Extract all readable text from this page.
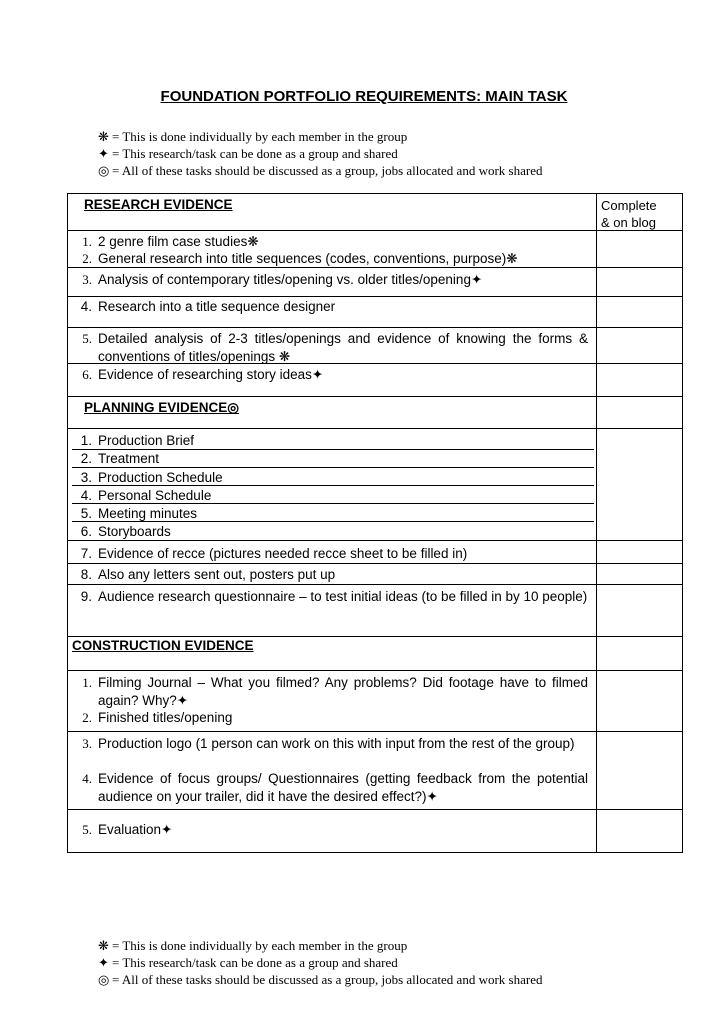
FOUNDATION PORTFOLIO REQUIREMENTS: MAIN TASK
❋ = This is done individually by each member in the group
✦ = This research/task can be done as a group and shared
◎ = All of these tasks should be discussed as a group, jobs allocated and work shared
Complete
& on blog
RESEARCH EVIDENCE
1. 2 genre film case studies❋
2. General research into title sequences (codes, conventions, purpose)❋
3. Analysis of contemporary titles/opening vs. older titles/opening✦
4. Research into a title sequence designer
5. Detailed analysis of 2-3 titles/openings and evidence of knowing the forms & conventions of titles/openings ❋
6. Evidence of researching story ideas✦
PLANNING EVIDENCE◎
1. Production Brief
2. Treatment
3. Production Schedule
4. Personal Schedule
5. Meeting minutes
6. Storyboards
7. Evidence of recce (pictures needed recce sheet to be filled in)
8. Also any letters sent out, posters put up
9. Audience research questionnaire – to test initial ideas (to be filled in by 10 people)
CONSTRUCTION EVIDENCE
1. Filming Journal – What you filmed? Any problems? Did footage have to filmed again? Why?✦
2. Finished titles/opening
3. Production logo (1 person can work on this with input from the rest of the group)
4. Evidence of focus groups/ Questionnaires (getting feedback from the potential audience on your trailer, did it have the desired effect?)✦
5. Evaluation✦
❋ = This is done individually by each member in the group
✦ = This research/task can be done as a group and shared
◎ = All of these tasks should be discussed as a group, jobs allocated and work shared
